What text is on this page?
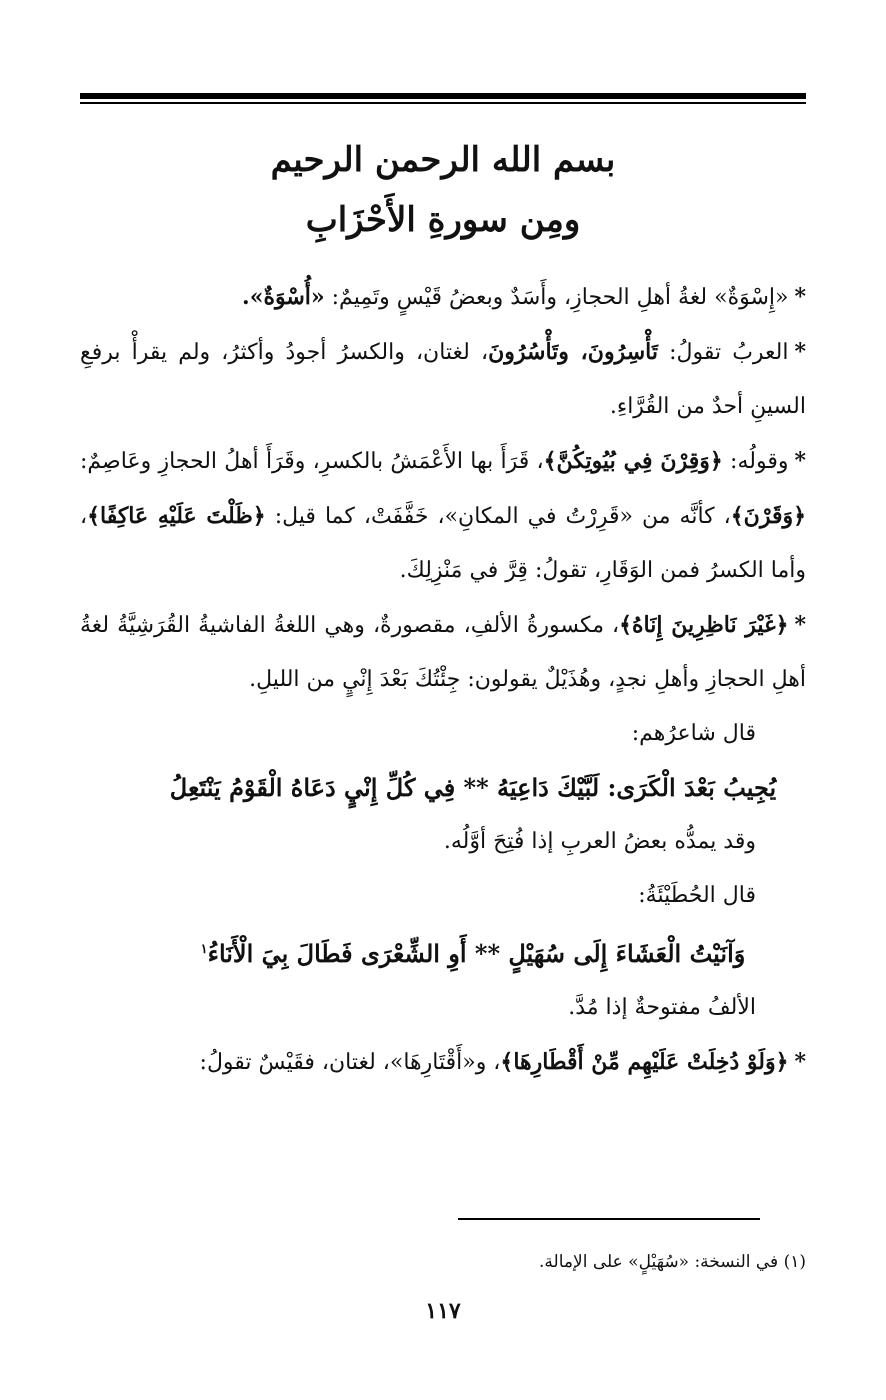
بسم الله الرحمن الرحيم
ومِن سورةِ الأَحْزَابِ

*«إِسْوَةٌ» لغةُ أهلِ الحجازِ، وأَسَدٌ وبعضُ قَيْسٍ وتَمِيمٌ: «أُسْوَةٌ».

*العربُ تقولُ: تَأْسِرُونَ، وتَأْسُرُونَ، لغتان، والكسرُ أجودُ وأكثرُ، ولم يقرأْ برفعِ السينِ أحدٌ من القُرَّاءِ.

*وقولُه: ﴿وَقِرْنَ فِي بُيُوتِكُنَّ﴾، قَرَأَ بها الأَعْمَشُ بالكسرِ، وقَرَأَ أهلُ الحجازِ وعَاصِمٌ: ﴿وَقَرْنَ﴾، كأنَّه من «قَرِرْتُ في المكانِ»، خَفَّفَتْ، كما قيل: ﴿ظَلْتَ عَلَيْهِ عَاكِفًا﴾، وأما الكسرُ فمن الوَقَارِ، تقولُ: قِرَّ في مَنْزِلِكَ.

*﴿غَيْرَ نَاظِرِينَ إِنَاهُ﴾، مكسورةُ الألفِ، مقصورةٌ، وهي اللغةُ الفاشيةُ القُرَشِيَّةُ لغةُ أهلِ الحجازِ وأهلِ نجدٍ، وهُذَيْلٌ يقولون: جِئْتُكَ بَعْدَ إِنْيٍ من الليلِ.

قال شاعرُهم:

يُجِيبُ بَعْدَ الْكَرَى: لَبَّيْكَ دَاعِيَهُ ** فِي كُلِّ إِنْيٍ دَعَاهُ الْقَوْمُ يَنْتَعِلُ

وقد يمدُّه بعضُ العربِ إذا فُتِحَ أوَّلُه.

قال الحُطَيْئَةُ:

وَآنَيْتُ الْعَشَاءَ إِلَى سُهَيْلٍ ** أَوِ الشِّعْرَى فَطَالَ بِيَ الْأَنَاءُ$^١$

الألفُ مفتوحةٌ إذا مُدَّ.

*﴿وَلَوْ دُخِلَتْ عَلَيْهِم مِّنْ أَقْطَارِهَا﴾، و«أَقْتَارِهَا»، لغتان، فقَيْسٌ تقولُ:

(١) في النسخة: «سُهَيْلٍ» على الإمالة.
١١٧
